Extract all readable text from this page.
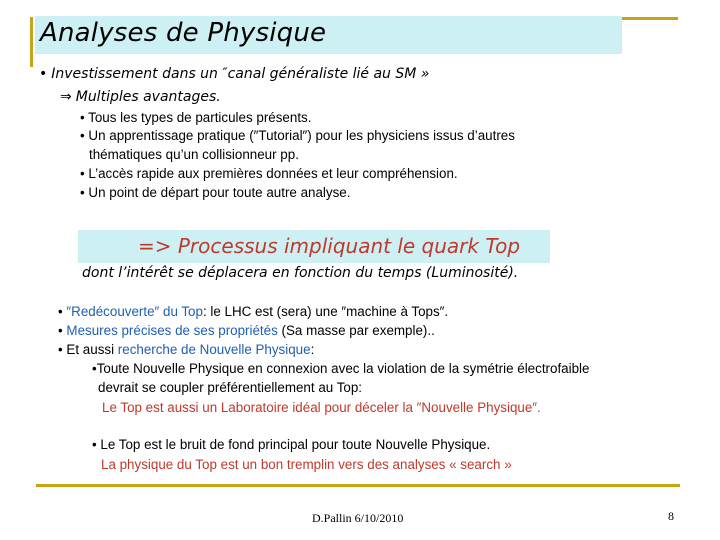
Analyses de Physique
• Investissement dans un ″canal généraliste lié au SM »
⇒ Multiples avantages.
• Tous les types de particules présents.
• Un apprentissage pratique (″Tutorial″) pour les physiciens issus d’autres
thématiques qu’un collisionneur pp.
• L’accès rapide aux premières données et leur compréhension.
• Un point de départ pour toute autre analyse.
=> Processus impliquant le quark Top
dont l’intérêt se déplacera en fonction du temps (Luminosité).
• ″Redécouverte″ du Top: le LHC est (sera) une ″machine à Tops″.
• Mesures précises de ses propriétés (Sa masse par exemple)..
• Et aussi recherche de Nouvelle Physique:
•Toute Nouvelle Physique en connexion avec la violation de la symétrie électrofaible
devrait se coupler préférentiellement au Top:
Le Top est aussi un Laboratoire idéal pour déceler la ″Nouvelle Physique″.
• Le Top est le bruit de fond principal pour toute Nouvelle Physique.
La physique du Top est un bon tremplin vers des analyses « search »
D.Pallin 6/10/2010	8
